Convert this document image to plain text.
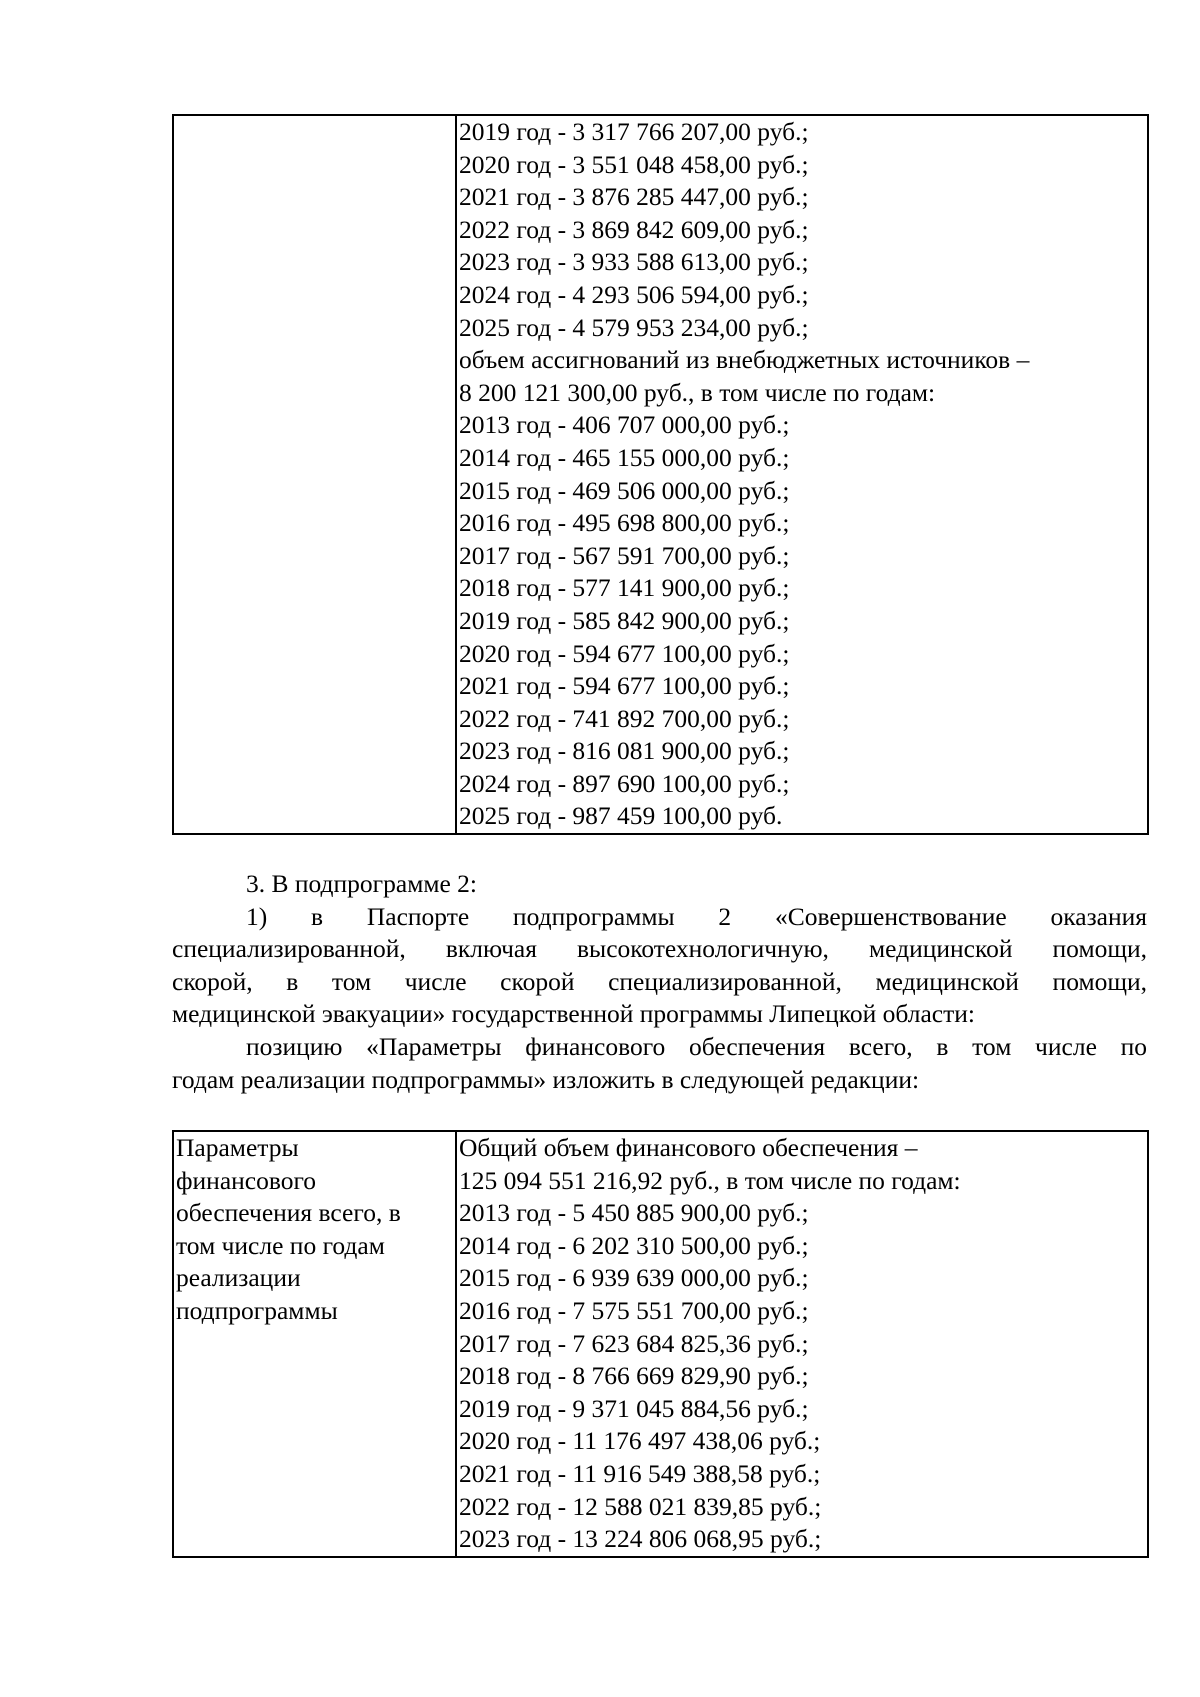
2019 год - 3 317 766 207,00 руб.;
2020 год - 3 551 048 458,00 руб.;
2021 год - 3 876 285 447,00 руб.;
2022 год - 3 869 842 609,00 руб.;
2023 год - 3 933 588 613,00 руб.;
2024 год - 4 293 506 594,00 руб.;
2025 год - 4 579 953 234,00 руб.;
объем ассигнований из внебюджетных источников –
8 200 121 300,00 руб., в том числе по годам:
2013 год - 406 707 000,00 руб.;
2014 год - 465 155 000,00 руб.;
2015 год - 469 506 000,00 руб.;
2016 год - 495 698 800,00 руб.;
2017 год - 567 591 700,00 руб.;
2018 год - 577 141 900,00 руб.;
2019 год - 585 842 900,00 руб.;
2020 год - 594 677 100,00 руб.;
2021 год - 594 677 100,00 руб.;
2022 год - 741 892 700,00 руб.;
2023 год - 816 081 900,00 руб.;
2024 год - 897 690 100,00 руб.;
2025 год - 987 459 100,00 руб.
3. В подпрограмме 2:
1) в Паспорте подпрограммы 2 «Совершенствование оказания
специализированной, включая высокотехнологичную, медицинской помощи,
скорой, в том числе скорой специализированной, медицинской помощи,
медицинской эвакуации» государственной программы Липецкой области:
позицию «Параметры финансового обеспечения всего, в том числе по
годам реализации подпрограммы» изложить в следующей редакции:
Параметры
финансового
обеспечения всего, в
том числе по годам
реализации
подпрограммы

Общий объем финансового обеспечения –
125 094 551 216,92 руб., в том числе по годам:
2013 год - 5 450 885 900,00 руб.;
2014 год - 6 202 310 500,00 руб.;
2015 год - 6 939 639 000,00 руб.;
2016 год - 7 575 551 700,00 руб.;
2017 год - 7 623 684 825,36 руб.;
2018 год - 8 766 669 829,90 руб.;
2019 год - 9 371 045 884,56 руб.;
2020 год - 11 176 497 438,06 руб.;
2021 год - 11 916 549 388,58 руб.;
2022 год - 12 588 021 839,85 руб.;
2023 год - 13 224 806 068,95 руб.;
